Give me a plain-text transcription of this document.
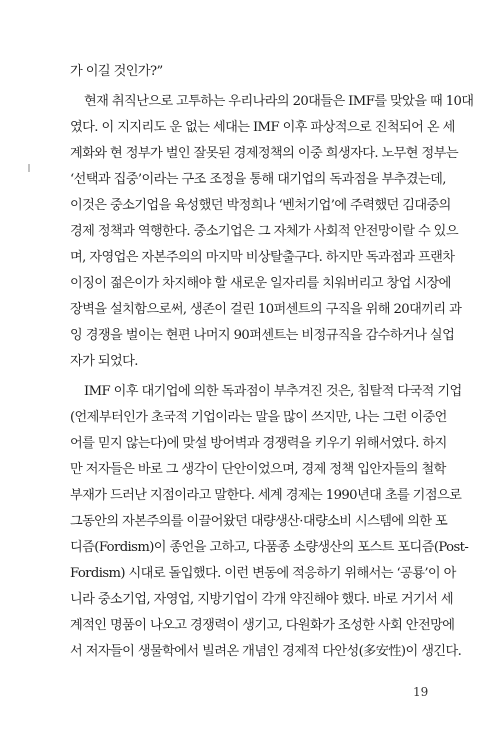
가 이길 것인가?”
현재 취직난으로 고투하는 우리나라의 20대들은 IMF를 맞았을 때 10대
였다. 이 지지리도 운 없는 세대는 IMF 이후 파상적으로 진척되어 온 세
계화와 현 정부가 벌인 잘못된 경제정책의 이중 희생자다. 노무현 정부는
‘선택과 집중’이라는 구조 조정을 통해 대기업의 독과점을 부추겼는데,
이것은 중소기업을 육성했던 박정희나 ‘벤처기업’에 주력했던 김대중의
경제 정책과 역행한다. 중소기업은 그 자체가 사회적 안전망이랄 수 있으
며, 자영업은 자본주의의 마지막 비상탈출구다. 하지만 독과점과 프랜차
이징이 젊은이가 차지해야 할 새로운 일자리를 치워버리고 창업 시장에
장벽을 설치함으로써, 생존이 걸린 10퍼센트의 구직을 위해 20대끼리 과
잉 경쟁을 벌이는 현편 나머지 90퍼센트는 비정규직을 감수하거나 실업
자가 되었다.
IMF 이후 대기업에 의한 독과점이 부추겨진 것은, 침탈적 다국적 기업
(언제부터인가 초국적 기업이라는 말을 많이 쓰지만, 나는 그런 이중언
어를 믿지 않는다)에 맞설 방어벽과 경쟁력을 키우기 위해서였다. 하지
만 저자들은 바로 그 생각이 단안이었으며, 경제 정책 입안자들의 철학
부재가 드러난 지점이라고 말한다. 세계 경제는 1990년대 초를 기점으로
그동안의 자본주의를 이끌어왔던 대량생산·대량소비 시스템에 의한 포
디즘(Fordism)이 종언을 고하고, 다품종 소량생산의 포스트 포디즘(Post-
Fordism) 시대로 돌입했다. 이런 변동에 적응하기 위해서는 ‘공룡’이 아
니라 중소기업, 자영업, 지방기업이 각개 약진해야 했다. 바로 거기서 세
계적인 명품이 나오고 경쟁력이 생기고, 다원화가 조성한 사회 안전망에
서 저자들이 생물학에서 빌려온 개념인 경제적 다안성(多安性)이 생긴다.
19
